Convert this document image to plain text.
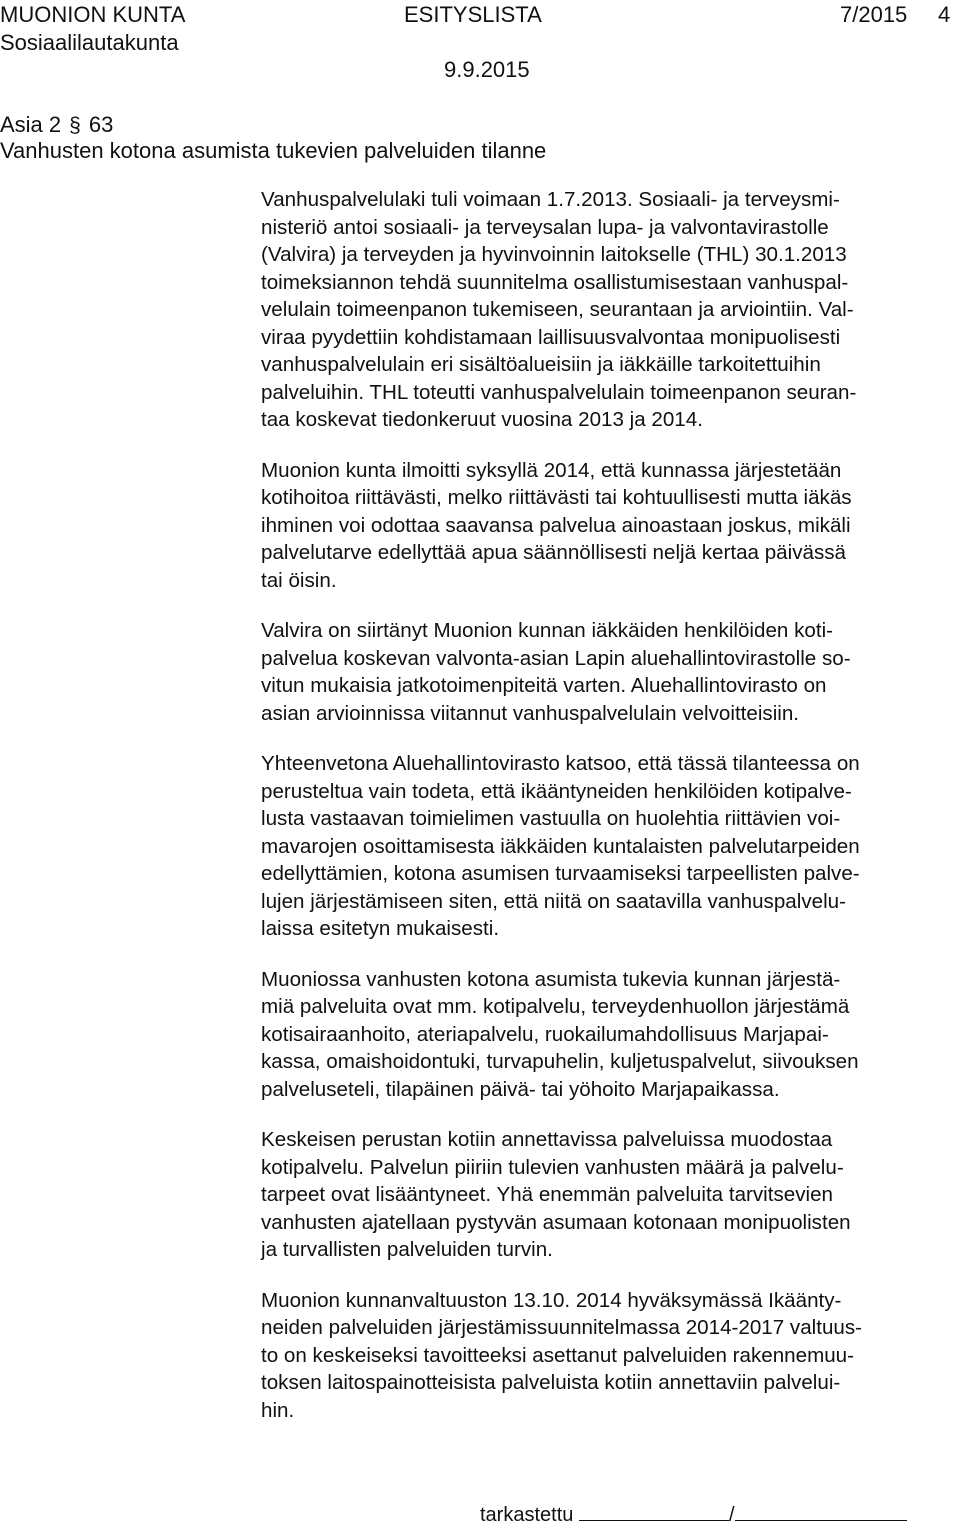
MUONION KUNTA	ESITYSLISTA	7/2015 4
Sosiaalilautakunta
9.9.2015
Asia 2 § 63
Vanhusten kotona asumista tukevien palveluiden tilanne
Vanhuspalvelulaki tuli voimaan 1.7.2013. Sosiaali- ja terveysmi-
nisteriö antoi sosiaali- ja terveysalan lupa- ja valvontavirastolle
(Valvira) ja terveyden ja hyvinvoinnin laitokselle (THL) 30.1.2013
toimeksiannon tehdä suunnitelma osallistumisestaan vanhuspal-
velulain toimeenpanon tukemiseen, seurantaan ja arviointiin. Val-
viraa pyydettiin kohdistamaan laillisuusvalvontaa monipuolisesti
vanhuspalvelulain eri sisältöalueisiin ja iäkkäille tarkoitettuihin
palveluihin. THL toteutti vanhuspalvelulain toimeenpanon seuran-
taa koskevat tiedonkeruut vuosina 2013 ja 2014.
Muonion kunta ilmoitti syksyllä 2014, että kunnassa järjestetään
kotihoitoa riittävästi, melko riittävästi tai kohtuullisesti mutta iäkäs
ihminen voi odottaa saavansa palvelua ainoastaan joskus, mikäli
palvelutarve edellyttää apua säännöllisesti neljä kertaa päivässä
tai öisin.
Valvira on siirtänyt Muonion kunnan iäkkäiden henkilöiden koti-
palvelua koskevan valvonta-asian Lapin aluehallintovirastolle so-
vitun mukaisia jatkotoimenpiteitä varten. Aluehallintovirasto on
asian arvioinnissa viitannut vanhuspalvelulain velvoitteisiin.
Yhteenvetona Aluehallintovirasto katsoo, että tässä tilanteessa on
perusteltua vain todeta, että ikääntyneiden henkilöiden kotipalve-
lusta vastaavan toimielimen vastuulla on huolehtia riittävien voi-
mavarojen osoittamisesta iäkkäiden kuntalaisten palvelutarpeiden
edellyttämien, kotona asumisen turvaamiseksi tarpeellisten palve-
lujen järjestämiseen siten, että niitä on saatavilla vanhuspalvelu-
laissa esitetyn mukaisesti.
Muoniossa vanhusten kotona asumista tukevia kunnan järjestä-
miä palveluita ovat mm. kotipalvelu, terveydenhuollon järjestämä
kotisairaanhoito, ateriapalvelu, ruokailumahdollisuus Marjapai-
kassa, omaishoidontuki, turvapuhelin, kuljetuspalvelut, siivouksen
palveluseteli, tilapäinen päivä- tai yöhoito Marjapaikassa.
Keskeisen perustan kotiin annettavissa palveluissa muodostaa
kotipalvelu. Palvelun piiriin tulevien vanhusten määrä ja palvelu-
tarpeet ovat lisääntyneet. Yhä enemmän palveluita tarvitsevien
vanhusten ajatellaan pystyvän asumaan kotonaan monipuolisten
ja turvallisten palveluiden turvin.
Muonion kunnanvaltuuston 13.10. 2014 hyväksymässä Ikäänty-
neiden palveluiden järjestämissuunnitelmassa 2014-2017 valtuus-
to on keskeiseksi tavoitteeksi asettanut palveluiden rakennemuu-
toksen laitospainotteisista palveluista kotiin annettaviin palvelui-
hin.
tarkastettu	/
